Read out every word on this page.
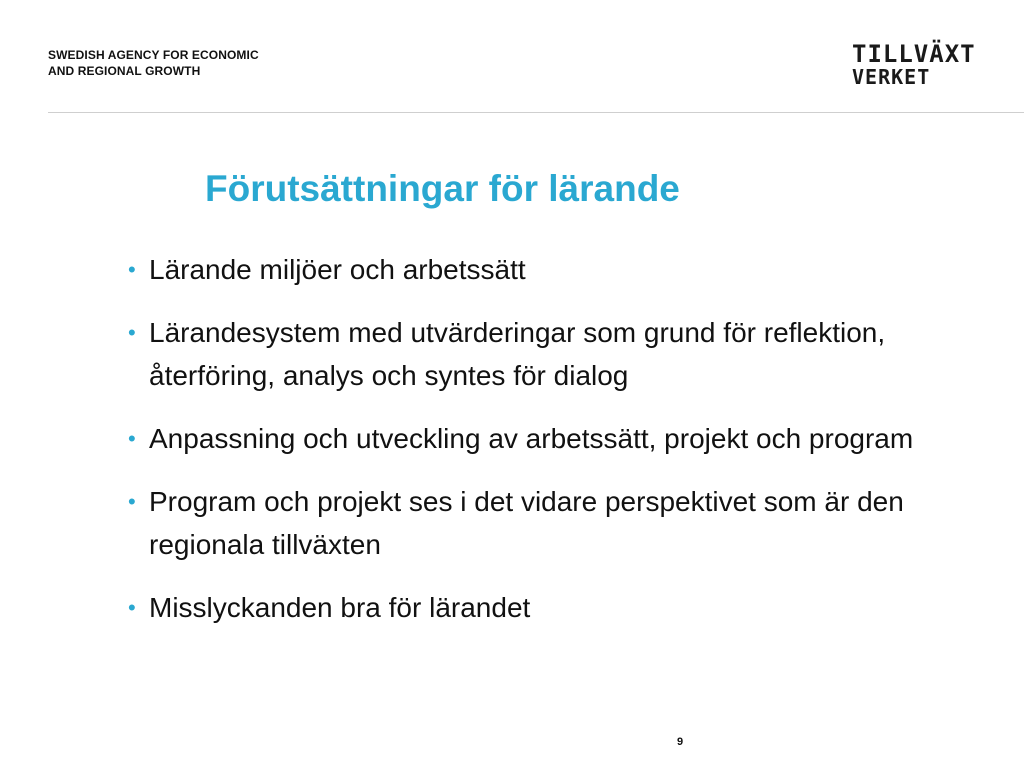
SWEDISH AGENCY FOR ECONOMIC
AND REGIONAL GROWTH
TILLVÄXT
VERKET
Förutsättningar för lärande
• Lärande miljöer och arbetssätt
• Lärandesystem med utvärderingar som grund för reflektion, återföring, analys och syntes för dialog
• Anpassning och utveckling av arbetssätt, projekt och program
• Program och projekt ses i det vidare perspektivet som är den regionala tillväxten
• Misslyckanden bra för lärandet
9
